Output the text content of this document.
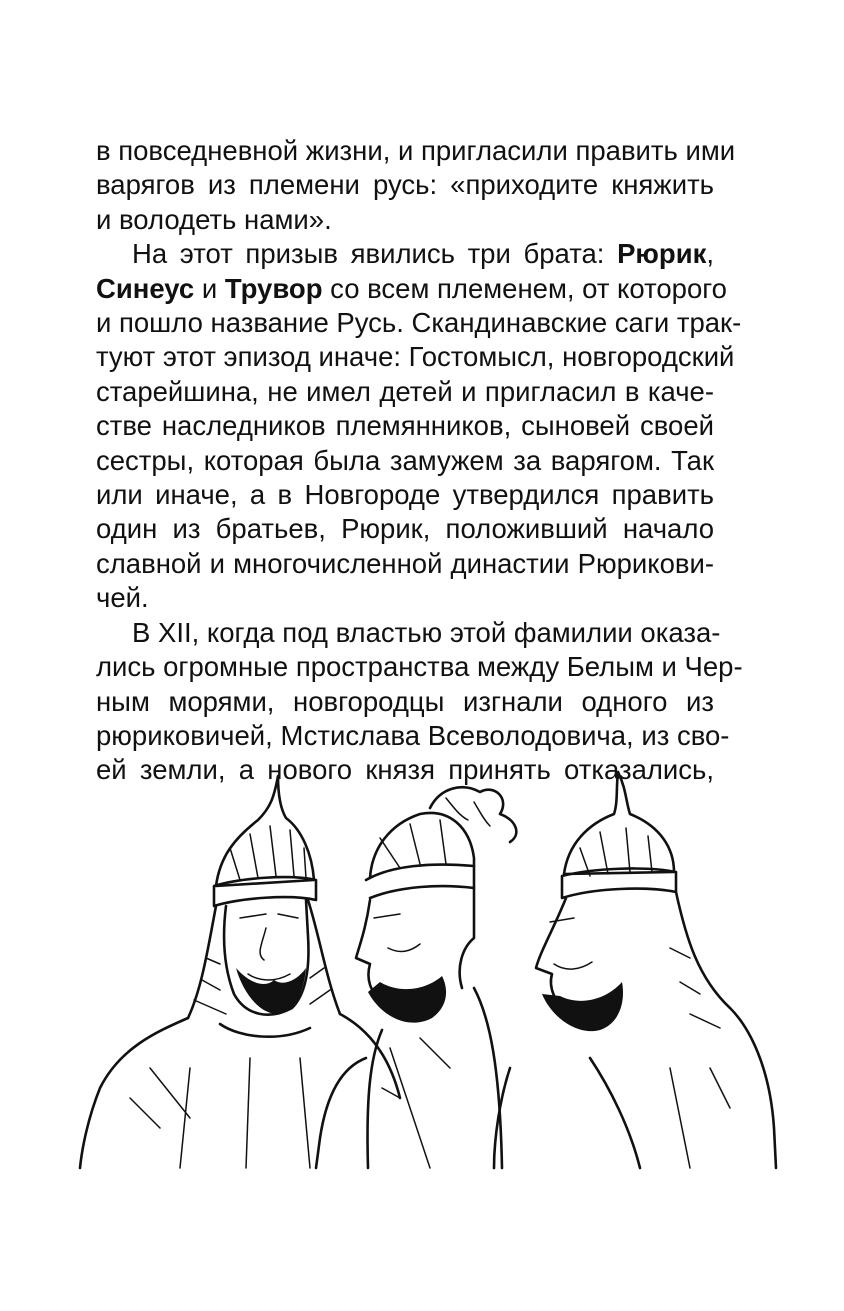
в повседневной жизни, и пригласили править ими
варягов из племени русь: «приходите княжить
и володеть нами».
На этот призыв явились три брата: Рюрик,
Синеус и Трувор со всем племенем, от которого
и пошло название Русь. Скандинавские саги трак-
туют этот эпизод иначе: Гостомысл, новгородский
старейшина, не имел детей и пригласил в каче-
стве наследников племянников, сыновей своей
сестры, которая была замужем за варягом. Так
или иначе, а в Новгороде утвердился править
один из братьев, Рюрик, положивший начало
славной и многочисленной династии Рюрикови-
чей.
В XII, когда под властью этой фамилии оказа-
лись огромные пространства между Белым и Чер-
ным морями, новгородцы изгнали одного из
рюриковичей, Мстислава Всеволодовича, из сво-
ей земли, а нового князя принять отказались,
